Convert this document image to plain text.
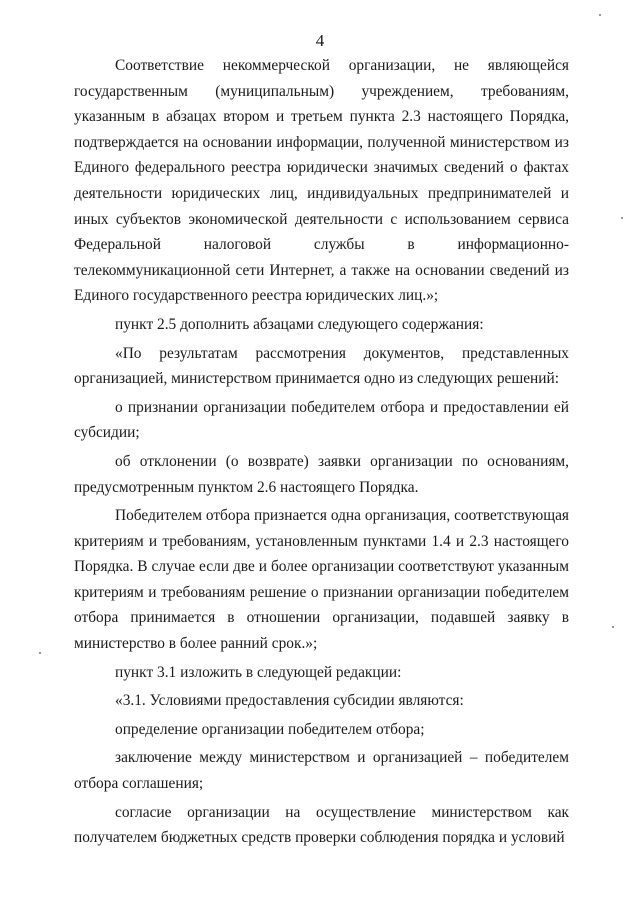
4

Соответствие некоммерческой организации, не являющейся государственным (муниципальным) учреждением, требованиям, указанным в абзацах втором и третьем пункта 2.3 настоящего Порядка, подтверждается на основании информации, полученной министерством из Единого федерального реестра юридически значимых сведений о фактах деятельности юридических лиц, индивидуальных предпринимателей и иных субъектов экономической деятельности с использованием сервиса Федеральной налоговой службы в информационно-телекоммуникационной сети Интернет, а также на основании сведений из Единого государственного реестра юридических лиц.»;

пункт 2.5 дополнить абзацами следующего содержания:

«По результатам рассмотрения документов, представленных организацией, министерством принимается одно из следующих решений:

о признании организации победителем отбора и предоставлении ей субсидии;

об отклонении (о возврате) заявки организации по основаниям, предусмотренным пунктом 2.6 настоящего Порядка.

Победителем отбора признается одна организация, соответствующая критериям и требованиям, установленным пунктами 1.4 и 2.3 настоящего Порядка. В случае если две и более организации соответствуют указанным критериям и требованиям решение о признании организации победителем отбора принимается в отношении организации, подавшей заявку в министерство в более ранний срок.»;

пункт 3.1 изложить в следующей редакции:

«3.1. Условиями предоставления субсидии являются:

определение организации победителем отбора;

заключение между министерством и организацией – победителем отбора соглашения;

согласие организации на осуществление министерством как получателем бюджетных средств проверки соблюдения порядка и условий
